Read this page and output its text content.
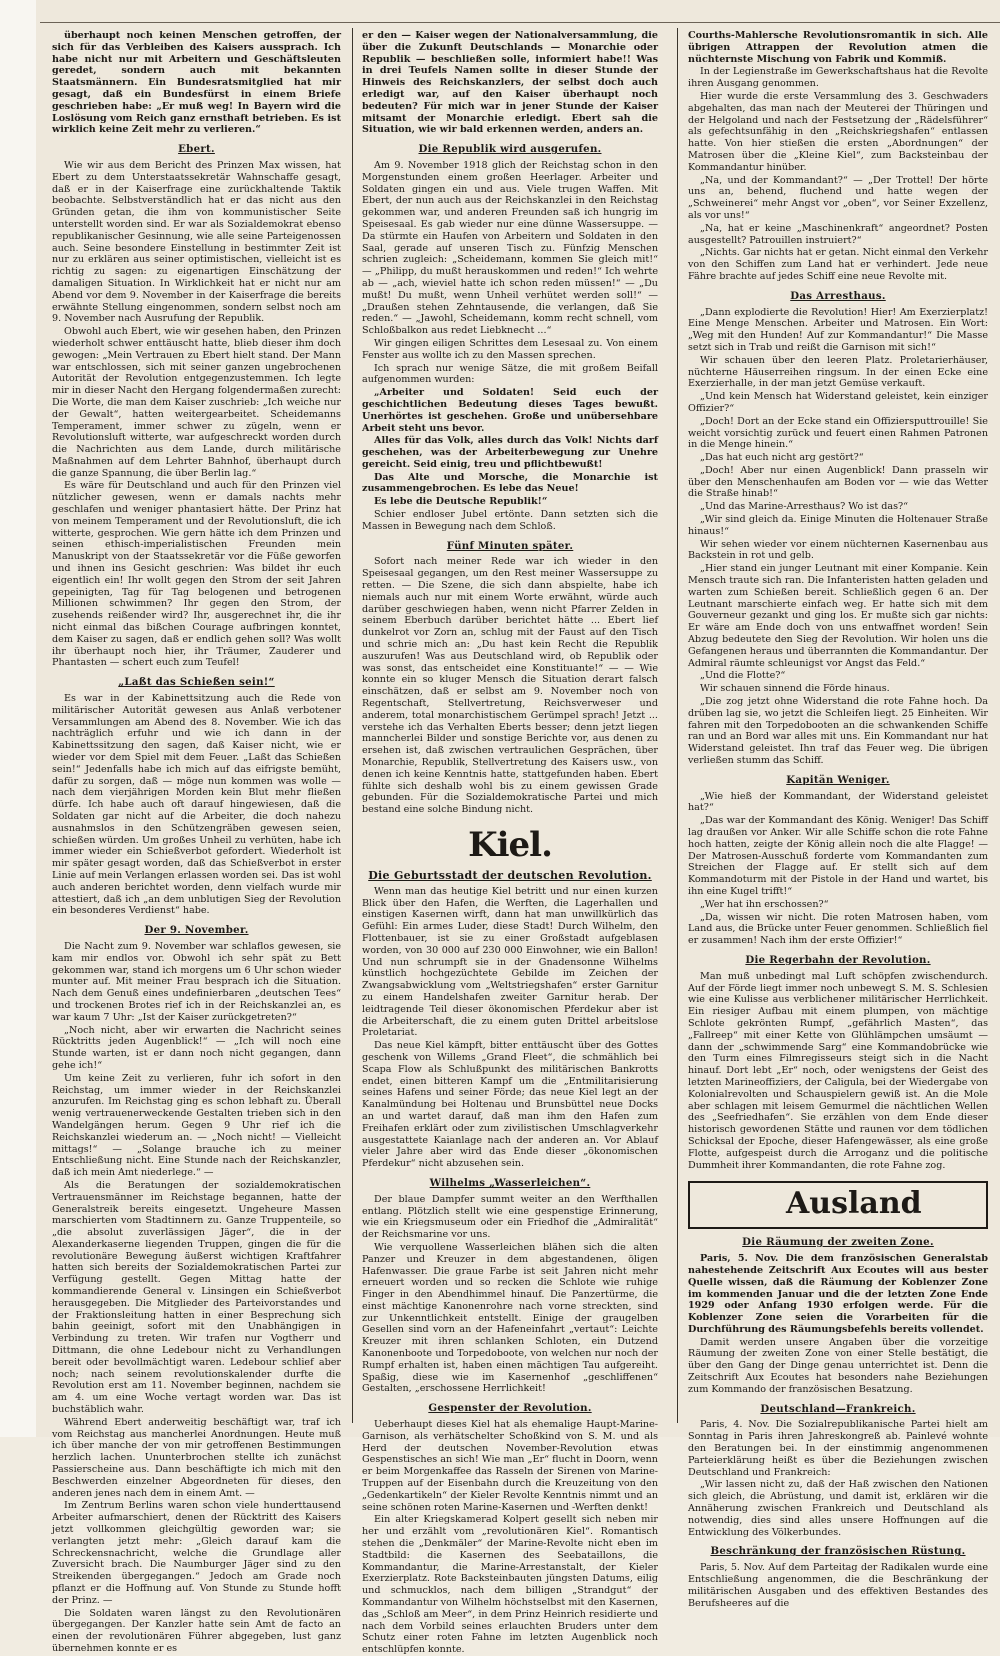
überhaupt noch keinen Menschen getroffen, der sich für das Verbleiben des Kaisers aussprach. Ich habe nicht nur mit Arbeitern und Geschäftsleuten geredet, sondern auch mit bekannten Staatsmännern. Ein Bundesratsmitglied hat mir gesagt, daß ein Bundesfürst in einem Briefe geschrieben habe: „Er muß weg! In Bayern wird die Loslösung vom Reich ganz ernsthaft betrieben. Es ist wirklich keine Zeit mehr zu verlieren.“

Ebert.

Wie wir aus dem Bericht des Prinzen Max wissen, hat Ebert zu dem Unterstaatssekretär Wahnschaffe gesagt, daß er in der Kaiserfrage eine zurückhaltende Taktik beobachte. Selbstverständlich hat er das nicht aus den Gründen getan, die ihm von kommunistischer Seite unterstellt worden sind. Er war als Sozialdemokrat ebenso republikanischer Gesinnung, wie alle seine Parteigenossen auch. Seine besondere Einstellung in bestimmter Zeit ist nur zu erklären aus seiner optimistischen, vielleicht ist es richtig zu sagen: zu eigenartigen Einschätzung der damaligen Situation. In Wirklichkeit hat er nicht nur am Abend vor dem 9. November in der Kaiserfrage die bereits erwähnte Stellung eingenommen, sondern selbst noch am 9. November nach Ausrufung der Republik.

Obwohl auch Ebert, wie wir gesehen haben, den Prinzen wiederholt schwer enttäuscht hatte, blieb dieser ihm doch gewogen: „Mein Vertrauen zu Ebert hielt stand. Der Mann war entschlossen, sich mit seiner ganzen ungebrochenen Autorität der Revolution entgegenzustemmen. Ich legte mir in dieser Nacht den Hergang folgendermaßen zurecht: Die Worte, die man dem Kaiser zuschrieb: „Ich weiche nur der Gewalt“, hatten weitergearbeitet. Scheidemanns Temperament, immer schwer zu zügeln, wenn er Revolutionsluft witterte, war aufgeschreckt worden durch die Nachrichten aus dem Lande, durch militärische Maßnahmen auf dem Lehrter Bahnhof, überhaupt durch die ganze Spannung, die über Berlin lag.“

Es wäre für Deutschland und auch für den Prinzen viel nützlicher gewesen, wenn er damals nachts mehr geschlafen und weniger phantasiert hätte. Der Prinz hat von meinem Temperament und der Revolutionsluft, die ich witterte, gesprochen. Wie gern hätte ich dem Prinzen und seinen ethisch-imperialistischen Freunden mein Manuskript von der Staatssekretär vor die Füße geworfen und ihnen ins Gesicht geschrien: Was bildet ihr euch eigentlich ein! Ihr wollt gegen den Strom der seit Jahren gepeinigten, Tag für Tag belogenen und betrogenen Millionen schwimmen? Ihr gegen den Strom, der zusehends reißender wird? Ihr, ausgerechnet ihr, die ihr nicht einmal das bißchen Courage aufbringen konntet, dem Kaiser zu sagen, daß er endlich gehen soll? Was wollt ihr überhaupt noch hier, ihr Träumer, Zauderer und Phantasten — schert euch zum Teufel!

„Laßt das Schießen sein!“

Es war in der Kabinettsitzung auch die Rede von militärischer Autorität gewesen aus Anlaß verbotener Versammlungen am Abend des 8. November. Wie ich das nachträglich erfuhr und wie ich dann in der Kabinettssitzung den sagen, daß Kaiser nicht, wie er wieder vor dem Spiel mit dem Feuer. „Laßt das Schießen sein!“ Jedenfalls habe ich mich auf das eifrigste bemüht, dafür zu sorgen, daß — möge nun kommen was wolle — nach dem vierjährigen Morden kein Blut mehr fließen dürfe. Ich habe auch oft darauf hingewiesen, daß die Soldaten gar nicht auf die Arbeiter, die doch nahezu ausnahmslos in den Schützengräben gewesen seien, schießen würden. Um großes Unheil zu verhüten, habe ich immer wieder ein Schießverbot gefordert. Wiederholt ist mir später gesagt worden, daß das Schießverbot in erster Linie auf mein Verlangen erlassen worden sei. Das ist wohl auch anderen berichtet worden, denn vielfach wurde mir attestiert, daß ich „an dem unblutigen Sieg der Revolution ein besonderes Verdienst“ habe.

Der 9. November.

Die Nacht zum 9. November war schlaflos gewesen, sie kam mir endlos vor. Obwohl ich sehr spät zu Bett gekommen war, stand ich morgens um 6 Uhr schon wieder munter auf. Mit meiner Frau besprach ich die Situation. Nach dem Genuß eines undefinierbaren „deutschen Tees“ und trockenen Brotes rief ich in der Reichskanzlei an, es war kaum 7 Uhr: „Ist der Kaiser zurückgetreten?“

„Noch nicht, aber wir erwarten die Nachricht seines Rücktritts jeden Augenblick!“ — „Ich will noch eine Stunde warten, ist er dann noch nicht gegangen, dann gehe ich!“

Um keine Zeit zu verlieren, fuhr ich sofort in den Reichstag, um immer wieder in der Reichskanzlei anzurufen. Im Reichstag ging es schon lebhaft zu. Überall wenig vertrauenerweckende Gestalten trieben sich in den Wandelgängen herum. Gegen 9 Uhr rief ich die Reichskanzlei wiederum an. — „Noch nicht! — Vielleicht mittags!“ — „Solange brauche ich zu meiner Entschließung nicht. Eine Stunde nach der Reichskanzler, daß ich mein Amt niederlege.“ —

Als die Beratungen der sozialdemokratischen Vertrauensmänner im Reichstage begannen, hatte der Generalstreik bereits eingesetzt. Ungeheure Massen marschierten vom Stadtinnern zu. Ganze Truppenteile, so „die absolut zuverlässigen Jäger“, die in der Alexanderkaserne liegenden Truppen, gingen die für die revolutionäre Bewegung äußerst wichtigen Kraftfahrer hatten sich bereits der Sozialdemokratischen Partei zur Verfügung gestellt. Gegen Mittag hatte der kommandierende General v. Linsingen ein Schießverbot herausgegeben. Die Mitglieder des Parteivorstandes und der Fraktionsleitung hatten in einer Besprechung sich bahin geeinigt, sofort mit den Unabhängigen in Verbindung zu treten. Wir trafen nur Vogtherr und Dittmann, die ohne Ledebour nicht zu Verhandlungen bereit oder bevollmächtigt waren. Ledebour schlief aber noch; nach seinem revolutionskalender durfte die Revolution erst am 11. November beginnen, nachdem sie am 4. um eine Woche vertagt worden war. Das ist buchstäblich wahr.

Während Ebert anderweitig beschäftigt war, traf ich vom Reichstag aus mancherlei Anordnungen. Heute muß ich über manche der von mir getroffenen Bestimmungen herzlich lachen. Ununterbrochen stellte ich zunächst Passierscheine aus. Dann beschäftigte ich mich mit den Beschwerden einzelner Abgeordneten für dieses, den anderen jenes nach dem in einem Amt. —

Im Zentrum Berlins waren schon viele hunderttausend Arbeiter aufmarschiert, denen der Rücktritt des Kaisers jetzt vollkommen gleichgültig geworden war; sie verlangten jetzt mehr: „Gleich darauf kam die Schreckensnachricht, welche die Grundlage aller Zuversicht brach. Die Naumburger Jäger sind zu den Streikenden übergegangen.“ Jedoch am Grade noch pflanzt er die Hoffnung auf. Von Stunde zu Stunde hofft der Prinz. —

Die Soldaten waren längst zu den Revolutionären übergegangen. Der Kanzler hatte sein Amt de facto an einen der revolutionären Führer abgegeben, lust ganz übernehmen konnte er es

er den — Kaiser wegen der Nationalversammlung, die über die Zukunft Deutschlands — Monarchie oder Republik — beschließen solle, informiert habe!! Was in drei Teufels Namen sollte in dieser Stunde der Hinweis des Reichskanzlers, der selbst doch auch erledigt war, auf den Kaiser überhaupt noch bedeuten? Für mich war in jener Stunde der Kaiser mitsamt der Monarchie erledigt. Ebert sah die Situation, wie wir bald erkennen werden, anders an.

Die Republik wird ausgerufen.

Am 9. November 1918 glich der Reichstag schon in den Morgenstunden einem großen Heerlager. Arbeiter und Soldaten gingen ein und aus. Viele trugen Waffen. Mit Ebert, der nun auch aus der Reichskanzlei in den Reichstag gekommen war, und anderen Freunden saß ich hungrig im Speisesaal. Es gab wieder nur eine dünne Wassersuppe. — Da stürmte ein Haufen von Arbeitern und Soldaten in den Saal, gerade auf unseren Tisch zu. Fünfzig Menschen schrien zugleich: „Scheidemann, kommen Sie gleich mit!“ — „Philipp, du mußt herauskommen und reden!“ Ich wehrte ab — „ach, wieviel hatte ich schon reden müssen!“ — „Du mußt! Du mußt, wenn Unheil verhütet werden soll!“ — „Draußen stehen Zehntausende, die verlangen, daß Sie reden.“ — „Jawohl, Scheidemann, komm recht schnell, vom Schloßbalkon aus redet Liebknecht ...“

Wir gingen eiligen Schrittes dem Lesesaal zu. Von einem Fenster aus wollte ich zu den Massen sprechen.

Ich sprach nur wenige Sätze, die mit großem Beifall aufgenommen wurden:

„Arbeiter und Soldaten! Seid euch der geschichtlichen Bedeutung dieses Tages bewußt. Unerhörtes ist geschehen. Große und unübersehbare Arbeit steht uns bevor.

Alles für das Volk, alles durch das Volk! Nichts darf geschehen, was der Arbeiterbewegung zur Unehre gereicht. Seid einig, treu und pflichtbewußt!

Das Alte und Morsche, die Monarchie ist zusammengebrochen. Es lebe das Neue!

Es lebe die Deutsche Republik!“

Schier endloser Jubel ertönte. Dann setzten sich die Massen in Bewegung nach dem Schloß.

Fünf Minuten später.

Sofort nach meiner Rede war ich wieder in den Speisesaal gegangen, um den Rest meiner Wassersuppe zu retten. — Die Szene, die sich dann abspielte, habe ich niemals auch nur mit einem Worte erwähnt, würde auch darüber geschwiegen haben, wenn nicht Pfarrer Zelden in seinem Eberbuch darüber berichtet hätte ... Ebert lief dunkelrot vor Zorn an, schlug mit der Faust auf den Tisch und schrie mich an: „Du hast kein Recht die Republik auszurufen! Was aus Deutschland wird, ob Republik oder was sonst, das entscheidet eine Konstituante!“ — — Wie konnte ein so kluger Mensch die Situation derart falsch einschätzen, daß er selbst am 9. November noch von Regentschaft, Stellvertretung, Reichsverweser und anderem, total monarchistischem Gerümpel sprach! Jetzt ... verstehe ich das Verhalten Eberts besser; denn jetzt liegen manncherlei Bilder und sonstige Berichte vor, aus denen zu ersehen ist, daß zwischen vertraulichen Gesprächen, über Monarchie, Republik, Stellvertretung des Kaisers usw., von denen ich keine Kenntnis hatte, stattgefunden haben. Ebert fühlte sich deshalb wohl bis zu einem gewissen Grade gebunden. Für die Sozialdemokratische Partei und mich bestand eine solche Bindung nicht.

Kiel.
Die Geburtsstadt der deutschen Revolution.

Wenn man das heutige Kiel betritt und nur einen kurzen Blick über den Hafen, die Werften, die Lagerhallen und einstigen Kasernen wirft, dann hat man unwillkürlich das Gefühl: Ein armes Luder, diese Stadt! Durch Wilhelm, den Flottenbauer, ist sie zu einer Großstadt aufgeblasen worden, von 30 000 auf 230 000 Einwohner, wie ein Ballon! Und nun schrumpft sie in der Gnadensonne Wilhelms künstlich hochgezüchtete Gebilde im Zeichen der Zwangsabwicklung vom „Weltstriegshafen“ erster Garnitur zu einem Handelshafen zweiter Garnitur herab. Der leidtragende Teil dieser ökonomischen Pferdekur aber ist die Arbeiterschaft, die zu einem guten Drittel arbeitslose Proletariat.

Das neue Kiel kämpft, bitter enttäuscht über des Gottes geschenk von Willems „Grand Fleet“, die schmählich bei Scapa Flow als Schlußpunkt des militärischen Bankrotts endet, einen bitteren Kampf um die „Entmilitarisierung seines Hafens und seiner Förde; das neue Kiel legt an der Kanalmündung bei Holtenau und Brunsbüttel neue Docks an und wartet darauf, daß man ihm den Hafen zum Freihafen erklärt oder zum zivilistischen Umschlagverkehr ausgestattete Kaianlage nach der anderen an. Vor Ablauf vieler Jahre aber wird das Ende dieser „ökonomischen Pferdekur“ nicht abzusehen sein.

Wilhelms „Wasserleichen“.

Der blaue Dampfer summt weiter an den Werfthallen entlang. Plötzlich stellt wie eine gespenstige Erinnerung, wie ein Kriegsmuseum oder ein Friedhof die „Admiralität“ der Reichsmarine vor uns.

Wie verquollene Wasserleichen blähen sich die alten Panzer und Kreuzer in dem abgestandenen, öligen Hafenwasser. Die graue Farbe ist seit Jahren nicht mehr erneuert worden und so recken die Schlote wie ruhige Finger in den Abendhimmel hinauf. Die Panzertürme, die einst mächtige Kanonenrohre nach vorne streckten, sind zur Unkenntlichkeit entstellt. Einige der graugelben Gesellen sind vorn an der Hafeneinfahrt „vertaut“: Leichte Kreuzer mit ihren schlanken Schloten, ein Dutzend Kanonenboote und Torpedoboote, von welchen nur noch der Rumpf erhalten ist, haben einen mächtigen Tau aufgereiht. Spaßig, diese wie im Kasernenhof „geschliffenen“ Gestalten, „erschossene Herrlichkeit!

Gespenster der Revolution.

Ueberhaupt dieses Kiel hat als ehemalige Haupt-Marine-Garnison, als verhätschelter Schoßkind von S. M. und als Herd der deutschen November-Revolution etwas Gespenstisches an sich! Wie man „Er“ flucht in Doorn, wenn er beim Morgenkaffee das Rasseln der Sirenen von Marine-Truppen auf der Eisenbahn durch die Kreuzeitung von den „Gedenkartikeln“ der Kieler Revolte Kenntnis nimmt und an seine schönen roten Marine-Kasernen und -Werften denkt!

Ein alter Kriegskamerad Kolpert gesellt sich neben mir her und erzählt vom „revolutionären Kiel“. Romantisch stehen die „Denkmäler“ der Marine-Revolte nicht eben im Stadtbild: die Kasernen des Seebataillons, die Kommandantur, die Marine-Arrestanstalt, der Kieler Exerzierplatz. Rote Backsteinbauten jüngsten Datums, eilig und schmucklos, nach dem billigen „Strandgut“ der Kommandantur von Wilhelm höchstselbst mit den Kasernen, das „Schloß am Meer“, in dem Prinz Heinrich residierte und nach dem Vorbild seines erlauchten Bruders unter dem Schutz einer roten Fahne im letzten Augenblick noch entschlüpfen konnte.

Courths-Mahlersche Revolutionsromantik in sich. Alle übrigen Attrappen der Revolution atmen die nüchternste Mischung von Fabrik und Kommiß.

In der Legienstraße im Gewerkschaftshaus hat die Revolte ihren Ausgang genommen.

Hier wurde die erste Versammlung des 3. Geschwaders abgehalten, das man nach der Meuterei der Thüringen und der Helgoland und nach der Festsetzung der „Rädelsführer“ als gefechtsunfähig in den „Reichskriegshafen“ entlassen hatte. Von hier stießen die ersten „Abordnungen“ der Matrosen über die „Kleine Kiel“, zum Backsteinbau der Kommandantur hinüber.

„Na, und der Kommandant?“ — „Der Trottel! Der hörte uns an, behend, fluchend und hatte wegen der „Schweinerei“ mehr Angst vor „oben“, vor Seiner Exzellenz, als vor uns!“

„Na, hat er keine „Maschinenkraft“ angeordnet? Posten ausgestellt? Patrouillen instruiert?“

„Nichts. Gar nichts hat er getan. Nicht einmal den Verkehr von den Schiffen zum Land hat er verhindert. Jede neue Fähre brachte auf jedes Schiff eine neue Revolte mit.

Das Arresthaus.

„Dann explodierte die Revolution! Hier! Am Exerzierplatz! Eine Menge Menschen. Arbeiter und Matrosen. Ein Wort: „Weg mit den Hunden! Auf zur Kommandantur!“ Die Masse setzt sich in Trab und reißt die Garnison mit sich!“

Wir schauen über den leeren Platz. Proletarierhäuser, nüchterne Häuserreihen ringsum. In der einen Ecke eine Exerzierhalle, in der man jetzt Gemüse verkauft.

„Und kein Mensch hat Widerstand geleistet, kein einziger Offizier?“

„Doch! Dort an der Ecke stand ein Offiziersputtrouille! Sie weicht vorsichtig zurück und feuert einen Rahmen Patronen in die Menge hinein.“

„Das hat euch nicht arg gestört?“

„Doch! Aber nur einen Augenblick! Dann prasseln wir über den Menschenhaufen am Boden vor — wie das Wetter die Straße hinab!“

„Und das Marine-Arresthaus? Wo ist das?“

„Wir sind gleich da. Einige Minuten die Holtenauer Straße hinaus!“

Wir sehen wieder vor einem nüchternen Kasernenbau aus Backstein in rot und gelb.

„Hier stand ein junger Leutnant mit einer Kompanie. Kein Mensch traute sich ran. Die Infanteristen hatten geladen und warten zum Schießen bereit. Schließlich gegen 6 an. Der Leutnant marschierte einfach weg. Er hatte sich mit dem Gouverneur gezankt und ging los. Er mußte sich gar nichts: Er wäre am Ende doch von uns entwaffnet worden! Sein Abzug bedeutete den Sieg der Revolution. Wir holen uns die Gefangenen heraus und überrannten die Kommandantur. Der Admiral räumte schleunigst vor Angst das Feld.“

„Und die Flotte?“

Wir schauen sinnend die Förde hinaus.

„Die zog jetzt ohne Widerstand die rote Fahne hoch. Da drüben lag sie, wo jetzt die Schleifen liegt. 25 Einheiten. Wir fahren mit den Torpedobooten an die schwankenden Schiffe ran und an Bord war alles mit uns. Ein Kommandant nur hat Widerstand geleistet. Ihn traf das Feuer weg. Die übrigen verließen stumm das Schiff.

Kapitän Weniger.

„Wie hieß der Kommandant, der Widerstand geleistet hat?“

„Das war der Kommandant des König. Weniger! Das Schiff lag draußen vor Anker. Wir alle Schiffe schon die rote Fahne hoch hatten, zeigte der König allein noch die alte Flagge! — Der Matrosen-Ausschuß forderte vom Kommandanten zum Streichen der Flagge auf. Er stellt sich auf dem Kommandoturm mit der Pistole in der Hand und wartet, bis ihn eine Kugel trifft!“

„Wer hat ihn erschossen?“

„Da, wissen wir nicht. Die roten Matrosen haben, vom Land aus, die Brücke unter Feuer genommen. Schließlich fiel er zusammen! Nach ihm der erste Offizier!“

Die Regerbahn der Revolution.

Man muß unbedingt mal Luft schöpfen zwischendurch. Auf der Förde liegt immer noch unbewegt S. M. S. Schlesien wie eine Kulisse aus verblichener militärischer Herrlichkeit. Ein riesiger Aufbau mit einem plumpen, von mächtige Schlote gekrönten Rumpf, „gefährlich Masten“, das „Fallreep“ mit einer Kette von Glühlämpchen umsäumt — dann der „schwimmende Sarg“ eine Kommandobrücke wie den Turm eines Filmregisseurs steigt sich in die Nacht hinauf. Dort lebt „Er“ noch, oder wenigstens der Geist des letzten Marineoffiziers, der Caligula, bei der Wiedergabe von Kolonialrevolten und Schauspielern gewiß ist. An die Mole aber schlagen mit leisem Gemurmel die nächtlichen Wellen des „Seefriedhafen“. Sie erzählen von dem Ende dieser historisch gewordenen Stätte und raunen vor dem tödlichen Schicksal der Epoche, dieser Hafengewässer, als eine große Flotte, aufgespeist durch die Arroganz und die politische Dummheit ihrer Kommandanten, die rote Fahne zog.

Ausland
Die Räumung der zweiten Zone.

Paris, 5. Nov. Die dem französischen Generalstab nahestehende Zeitschrift Aux Ecoutes will aus bester Quelle wissen, daß die Räumung der Koblenzer Zone im kommenden Januar und die der letzten Zone Ende 1929 oder Anfang 1930 erfolgen werde. Für die Koblenzer Zone seien die Vorarbeiten für die Durchführung des Räumungsbefehls bereits vollendet.

Damit werden unsere Angaben über die vorzeitige Räumung der zweiten Zone von einer Stelle bestätigt, die über den Gang der Dinge genau unterrichtet ist. Denn die Zeitschrift Aux Ecoutes hat besonders nahe Beziehungen zum Kommando der französischen Besatzung.

Deutschland—Frankreich.

Paris, 4. Nov. Die Sozialrepublikanische Partei hielt am Sonntag in Paris ihren Jahreskongreß ab. Painlevé wohnte den Beratungen bei. In der einstimmig angenommenen Parteierklärung heißt es über die Beziehungen zwischen Deutschland und Frankreich:

„Wir lassen nicht zu, daß der Haß zwischen den Nationen sich gleich, die Abrüstung, und damit ist, erklären wir die Annäherung zwischen Frankreich und Deutschland als notwendig, dies sind alles unsere Hoffnungen auf die Entwicklung des Völkerbundes.

Beschränkung der französischen Rüstung.

Paris, 5. Nov. Auf dem Parteitag der Radikalen wurde eine Entschließung angenommen, die die Beschränkung der militärischen Ausgaben und des effektiven Bestandes des Berufsheeres auf die
